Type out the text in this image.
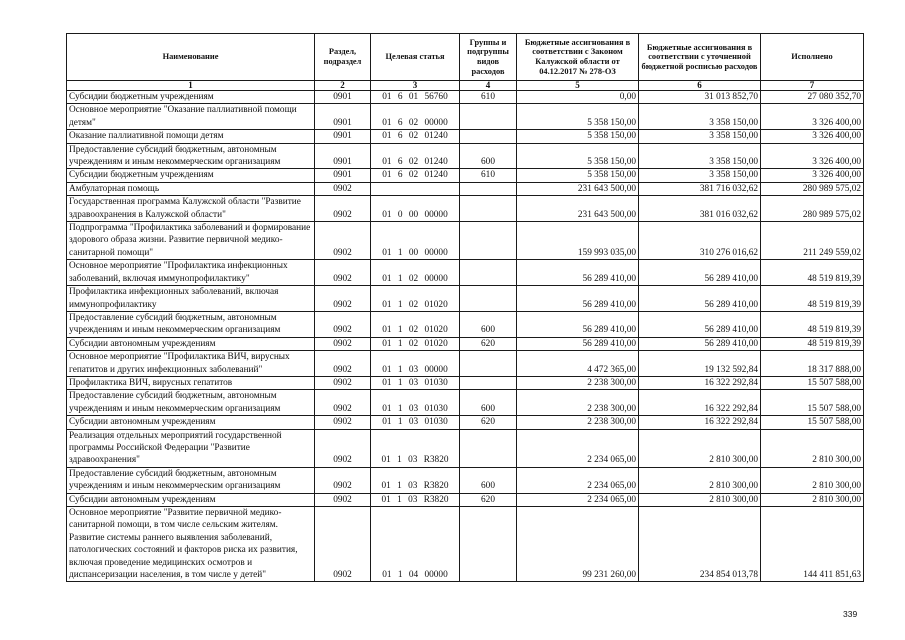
Наименование	Раздел, подраздел	Целевая статья	Группы и подгруппы видов расходов	Бюджетные ассигнования в соответствии с Законом Калужской области от 04.12.2017 № 278-ОЗ	Бюджетные ассигнования в соответствии с уточненной бюджетной росписью расходов	Исполнено
1	2	3	4	5	6	7
Субсидии бюджетным учреждениям	0901	01 6 01 56760	610	0,00	31 013 852,70	27 080 352,70
Основное мероприятие "Оказание паллиативной помощи детям"	0901	01 6 02 00000		5 358 150,00	3 358 150,00	3 326 400,00
Оказание паллиативной помощи детям	0901	01 6 02 01240		5 358 150,00	3 358 150,00	3 326 400,00
Предоставление субсидий бюджетным, автономным учреждениям и иным некоммерческим организациям	0901	01 6 02 01240	600	5 358 150,00	3 358 150,00	3 326 400,00
Субсидии бюджетным учреждениям	0901	01 6 02 01240	610	5 358 150,00	3 358 150,00	3 326 400,00
Амбулаторная помощь	0902			231 643 500,00	381 716 032,62	280 989 575,02
Государственная программа Калужской области "Развитие здравоохранения в Калужской области"	0902	01 0 00 00000		231 643 500,00	381 016 032,62	280 989 575,02
Подпрограмма "Профилактика заболеваний и формирование здорового образа жизни. Развитие первичной медико-санитарной помощи"	0902	01 1 00 00000		159 993 035,00	310 276 016,62	211 249 559,02
Основное мероприятие "Профилактика инфекционных заболеваний, включая иммунопрофилактику"	0902	01 1 02 00000		56 289 410,00	56 289 410,00	48 519 819,39
Профилактика инфекционных заболеваний, включая иммунопрофилактику	0902	01 1 02 01020		56 289 410,00	56 289 410,00	48 519 819,39
Предоставление субсидий бюджетным, автономным учреждениям и иным некоммерческим организациям	0902	01 1 02 01020	600	56 289 410,00	56 289 410,00	48 519 819,39
Субсидии автономным учреждениям	0902	01 1 02 01020	620	56 289 410,00	56 289 410,00	48 519 819,39
Основное мероприятие "Профилактика ВИЧ, вирусных гепатитов и других инфекционных заболеваний"	0902	01 1 03 00000		4 472 365,00	19 132 592,84	18 317 888,00
Профилактика ВИЧ, вирусных гепатитов	0902	01 1 03 01030		2 238 300,00	16 322 292,84	15 507 588,00
Предоставление субсидий бюджетным, автономным учреждениям и иным некоммерческим организациям	0902	01 1 03 01030	600	2 238 300,00	16 322 292,84	15 507 588,00
Субсидии автономным учреждениям	0902	01 1 03 01030	620	2 238 300,00	16 322 292,84	15 507 588,00
Реализация отдельных мероприятий государственной программы Российской Федерации "Развитие здравоохранения"	0902	01 1 03 R3820		2 234 065,00	2 810 300,00	2 810 300,00
Предоставление субсидий бюджетным, автономным учреждениям и иным некоммерческим организациям	0902	01 1 03 R3820	600	2 234 065,00	2 810 300,00	2 810 300,00
Субсидии автономным учреждениям	0902	01 1 03 R3820	620	2 234 065,00	2 810 300,00	2 810 300,00
Основное мероприятие "Развитие первичной медико-санитарной помощи, в том числе сельским жителям. Развитие системы раннего выявления заболеваний, патологических состояний и факторов риска их развития, включая проведение медицинских осмотров и диспансеризации населения, в том числе у детей"	0902	01 1 04 00000		99 231 260,00	234 854 013,78	144 411 851,63
339
